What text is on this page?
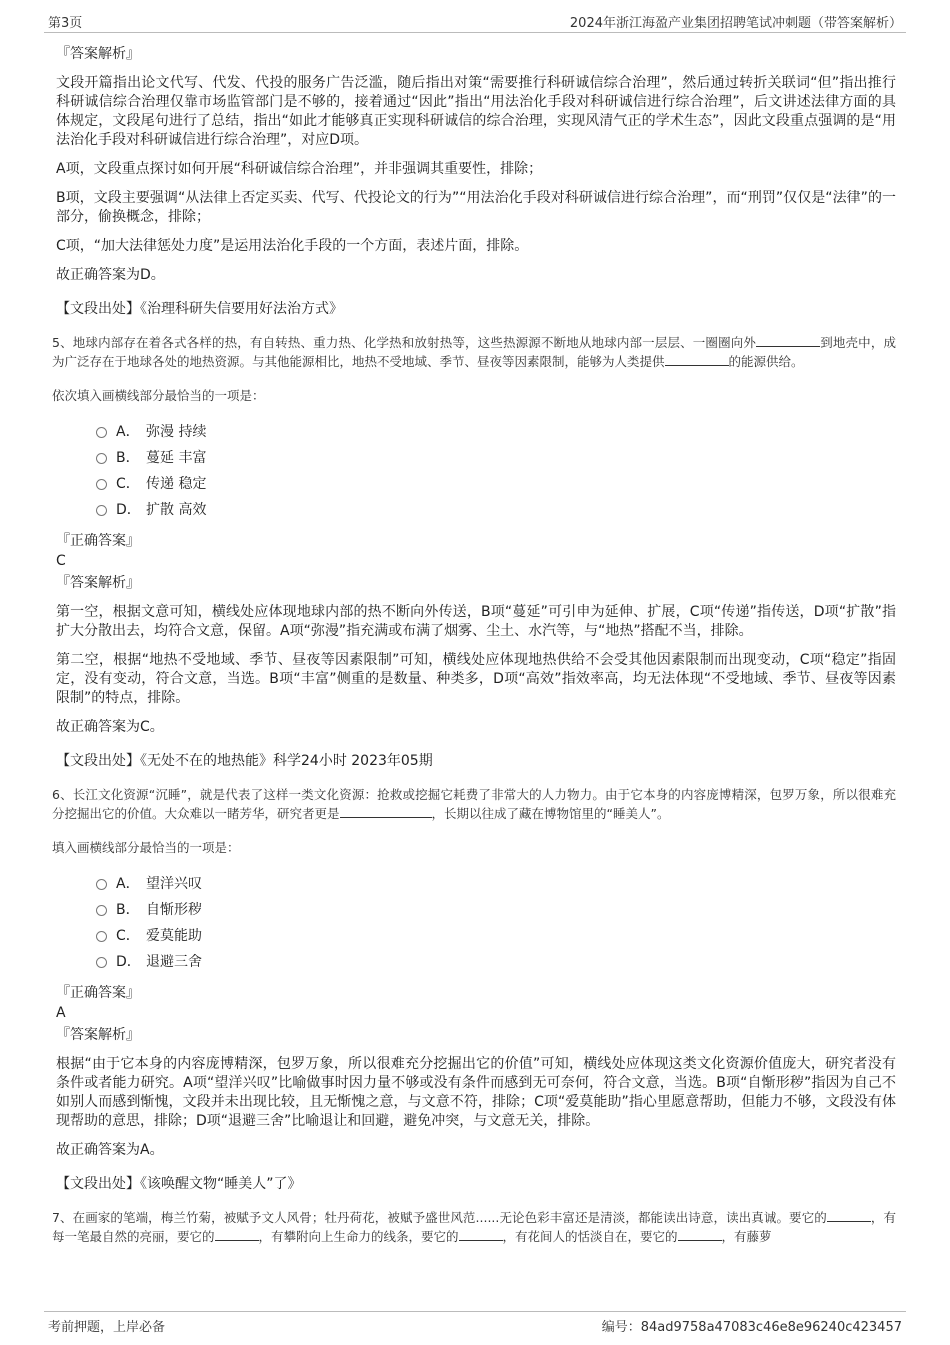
第3页	2024年浙江海盈产业集团招聘笔试冲刺题（带答案解析）

『答案解析』

文段开篇指出论文代写、代发、代投的服务广告泛滥，随后指出对策“需要推行科研诚信综合治理”，然后通过转折关联词“但”指出推行科研诚信综合治理仅靠市场监管部门是不够的，接着通过“因此”指出“用法治化手段对科研诚信进行综合治理”，后文讲述法律方面的具体规定，文段尾句进行了总结，指出“如此才能够真正实现科研诚信的综合治理，实现风清气正的学术生态”，因此文段重点强调的是“用法治化手段对科研诚信进行综合治理”，对应D项。

A项，文段重点探讨如何开展“科研诚信综合治理”，并非强调其重要性，排除；

B项，文段主要强调“从法律上否定买卖、代写、代投论文的行为”“用法治化手段对科研诚信进行综合治理”，而“刑罚”仅仅是“法律”的一部分，偷换概念，排除；

C项，“加大法律惩处力度”是运用法治化手段的一个方面，表述片面，排除。

故正确答案为D。

【文段出处】《治理科研失信要用好法治方式》

5、地球内部存在着各式各样的热，有自转热、重力热、化学热和放射热等，这些热源源不断地从地球内部一层层、一圈圈向外	到地壳中，成为广泛存在于地球各处的地热资源。与其他能源相比，地热不受地域、季节、昼夜等因素限制，能够为人类提供	的能源供给。

依次填入画横线部分最恰当的一项是：

A． 弥漫 持续
B． 蔓延 丰富
C． 传递 稳定
D． 扩散 高效

『正确答案』

C

『答案解析』

第一空，根据文意可知，横线处应体现地球内部的热不断向外传送，B项“蔓延”可引申为延伸、扩展，C项“传递”指传送，D项“扩散”指扩大分散出去，均符合文意，保留。A项“弥漫”指充满或布满了烟雾、尘土、水汽等，与“地热”搭配不当，排除。

第二空，根据“地热不受地域、季节、昼夜等因素限制”可知，横线处应体现地热供给不会受其他因素限制而出现变动，C项“稳定”指固定，没有变动，符合文意，当选。B项“丰富”侧重的是数量、种类多，D项“高效”指效率高，均无法体现“不受地域、季节、昼夜等因素限制”的特点，排除。

故正确答案为C。

【文段出处】《无处不在的地热能》科学24小时 2023年05期

6、长江文化资源“沉睡”，就是代表了这样一类文化资源：抢救或挖掘它耗费了非常大的人力物力。由于它本身的内容庞博精深，包罗万象，所以很难充分挖掘出它的价值。大众难以一睹芳华，研究者更是	，长期以往成了藏在博物馆里的“睡美人”。

填入画横线部分最恰当的一项是：

A． 望洋兴叹
B． 自惭形秽
C． 爱莫能助
D． 退避三舍

『正确答案』

A

『答案解析』

根据“由于它本身的内容庞博精深，包罗万象，所以很难充分挖掘出它的价值”可知，横线处应体现这类文化资源价值庞大，研究者没有条件或者能力研究。A项“望洋兴叹”比喻做事时因力量不够或没有条件而感到无可奈何，符合文意，当选。B项“自惭形秽”指因为自己不如别人而感到惭愧，文段并未出现比较，且无惭愧之意，与文意不符，排除；C项“爱莫能助”指心里愿意帮助，但能力不够，文段没有体现帮助的意思，排除；D项“退避三舍”比喻退让和回避，避免冲突，与文意无关，排除。

故正确答案为A。

【文段出处】《该唤醒文物“睡美人”了》

7、在画家的笔端，梅兰竹菊，被赋予文人风骨；牡丹荷花，被赋予盛世风范......无论色彩丰富还是清淡，都能读出诗意，读出真诚。要它的	，有每一笔最自然的亮丽，要它的	，有攀附向上生命力的线条，要它的	，有花间人的恬淡自在，要它的	，有藤萝

考前押题，上岸必备	编号：84ad9758a47083c46e8e96240c423457
